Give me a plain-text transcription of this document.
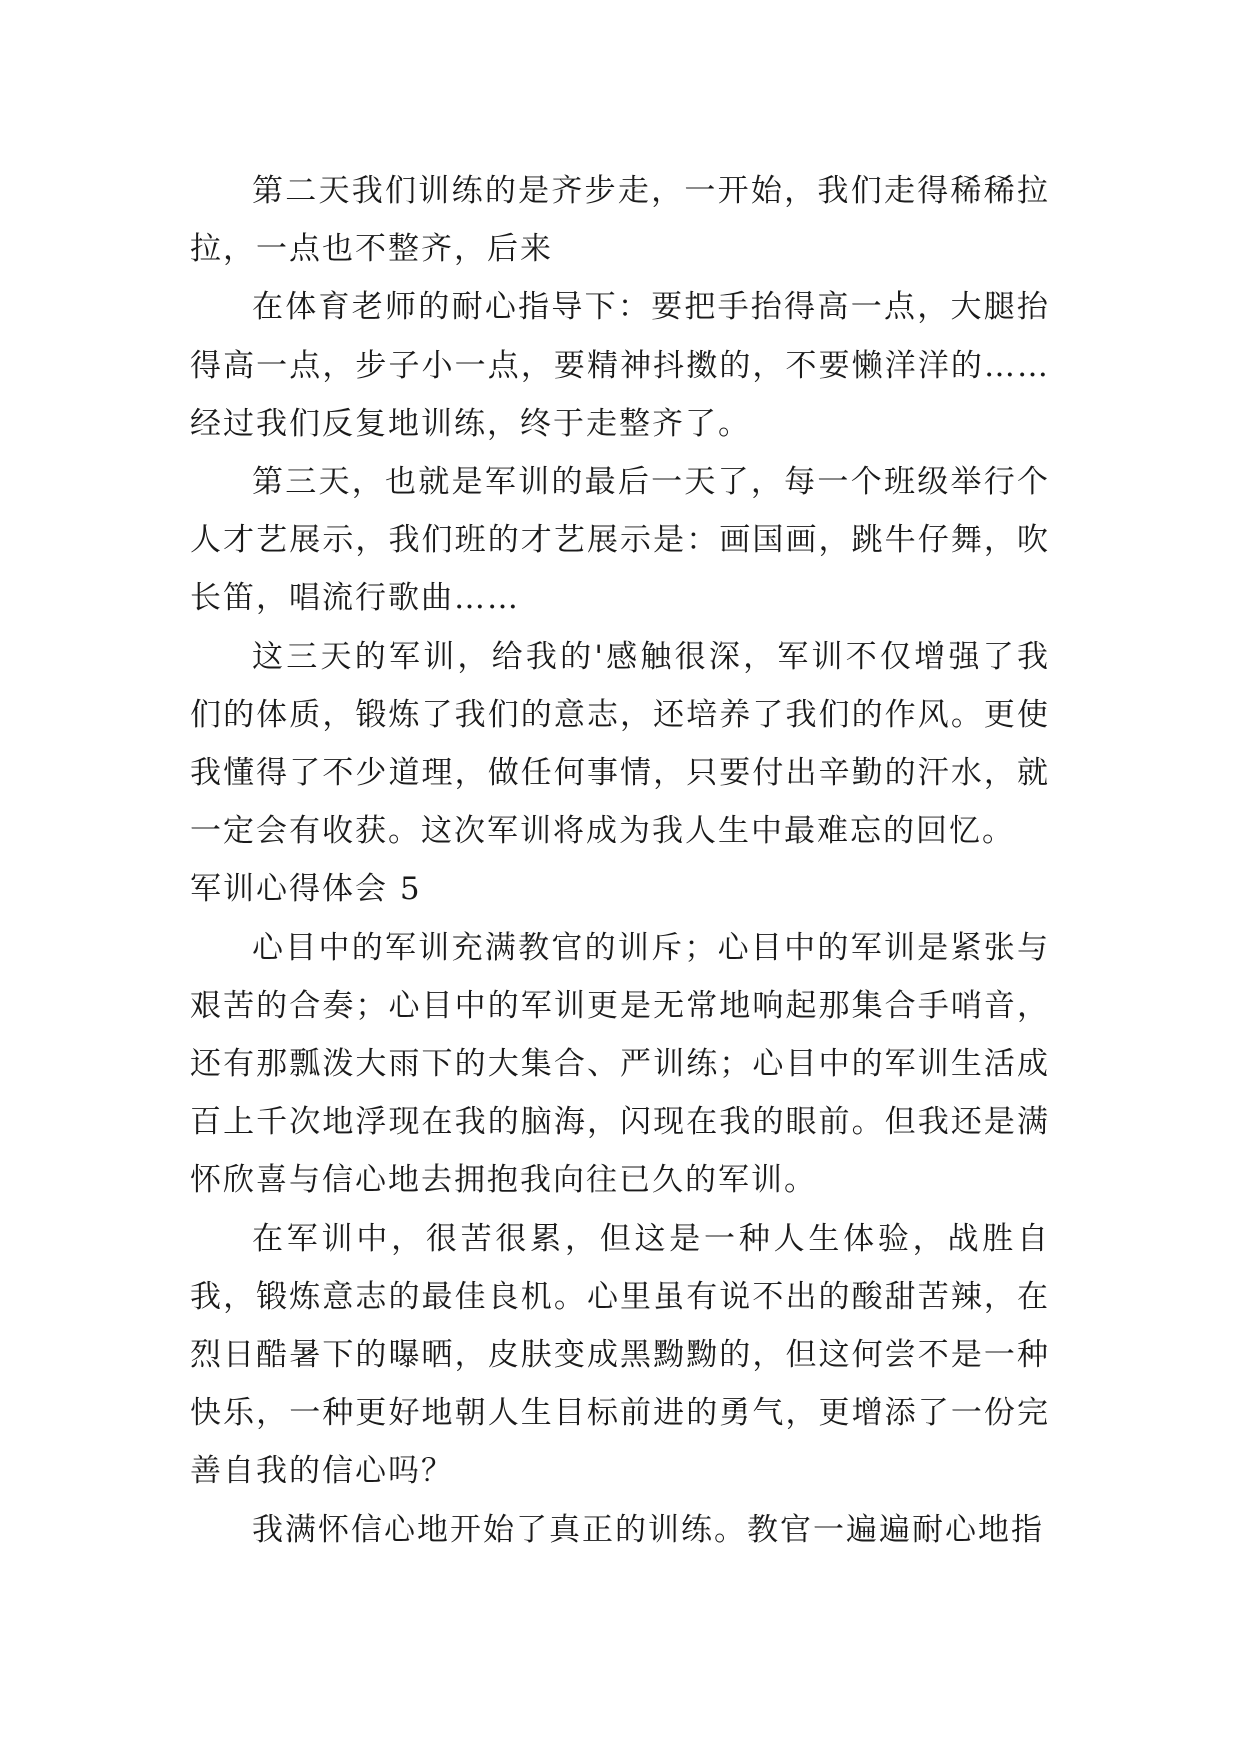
第二天我们训练的是齐步走，一开始，我们走得稀稀拉拉，一点也不整齐，后来

在体育老师的耐心指导下：要把手抬得高一点，大腿抬得高一点，步子小一点，要精神抖擞的，不要懒洋洋的……经过我们反复地训练，终于走整齐了。

第三天，也就是军训的最后一天了，每一个班级举行个人才艺展示，我们班的才艺展示是：画国画，跳牛仔舞，吹长笛，唱流行歌曲……

这三天的军训，给我的'感触很深，军训不仅增强了我们的体质，锻炼了我们的意志，还培养了我们的作风。更使我懂得了不少道理，做任何事情，只要付出辛勤的汗水，就一定会有收获。这次军训将成为我人生中最难忘的回忆。

军训心得体会 5

心目中的军训充满教官的训斥；心目中的军训是紧张与艰苦的合奏；心目中的军训更是无常地响起那集合手哨音，还有那瓢泼大雨下的大集合、严训练；心目中的军训生活成百上千次地浮现在我的脑海，闪现在我的眼前。但我还是满怀欣喜与信心地去拥抱我向往已久的军训。

在军训中，很苦很累，但这是一种人生体验，战胜自我，锻炼意志的最佳良机。心里虽有说不出的酸甜苦辣，在烈日酷暑下的曝晒，皮肤变成黑黝黝的，但这何尝不是一种快乐，一种更好地朝人生目标前进的勇气，更增添了一份完善自我的信心吗？

我满怀信心地开始了真正的训练。教官一遍遍耐心地指
